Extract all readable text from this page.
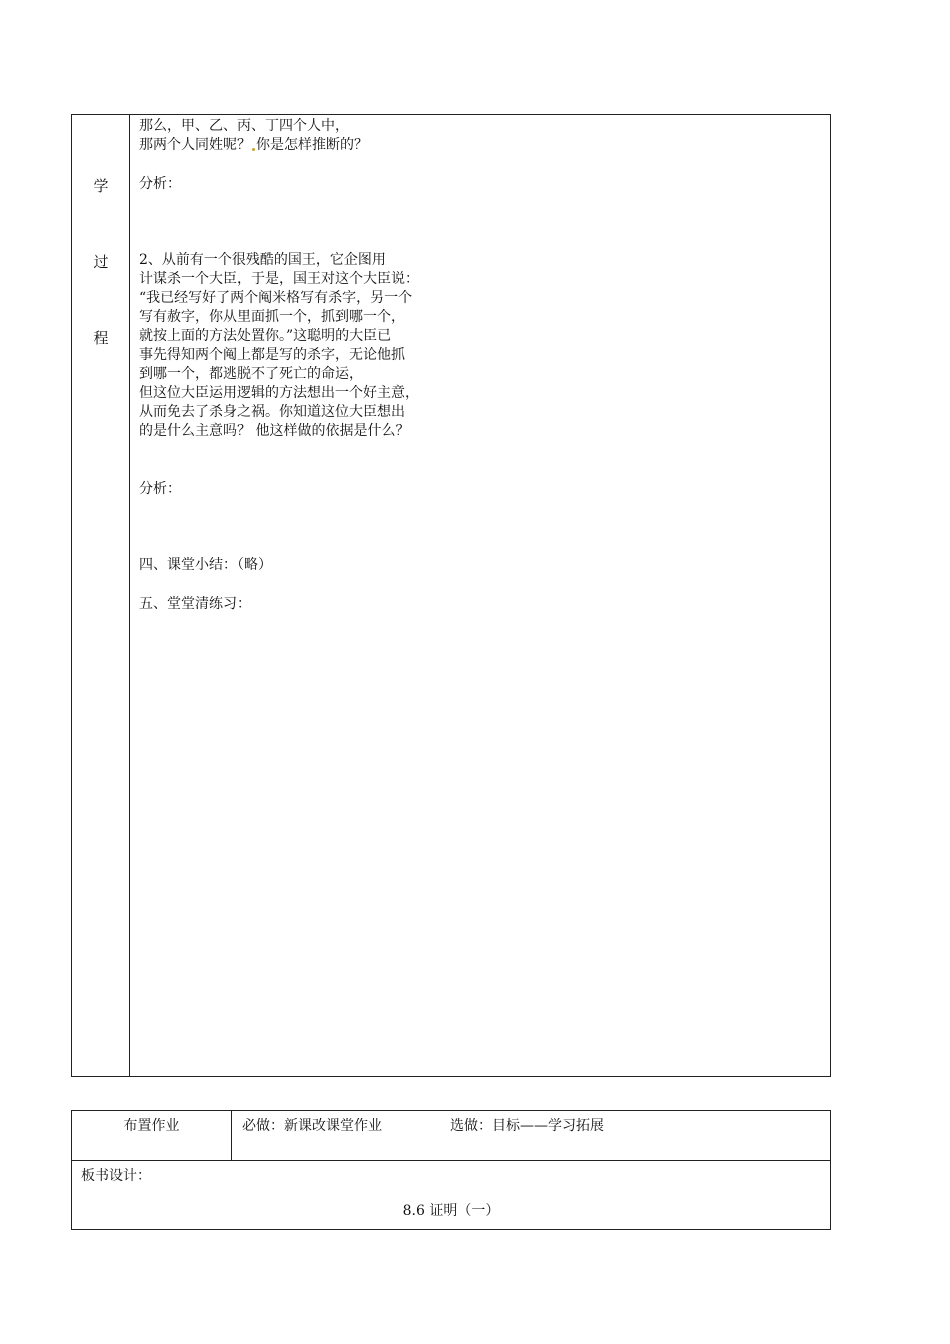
学
过
程
那么，甲、乙、丙、丁四个人中，
那两个人同姓呢？ 你是怎样推断的？
分析：
2、从前有一个很残酷的国王，它企图用
计谋杀一个大臣，于是，国王对这个大臣说：
“我已经写好了两个阄米格写有杀字，另一个
写有赦字，你从里面抓一个，抓到哪一个，
就按上面的方法处置你。”这聪明的大臣已
事先得知两个阄上都是写的杀字，无论他抓
到哪一个，都逃脱不了死亡的命运，
但这位大臣运用逻辑的方法想出一个好主意，
从而免去了杀身之祸。你知道这位大臣想出
的是什么主意吗？ 他这样做的依据是什么？
分析：
四、课堂小结：（略）
五、堂堂清练习：
布置作业	必做：新课改课堂作业	选做：目标——学习拓展
板书设计：
8.6 证明（一）
